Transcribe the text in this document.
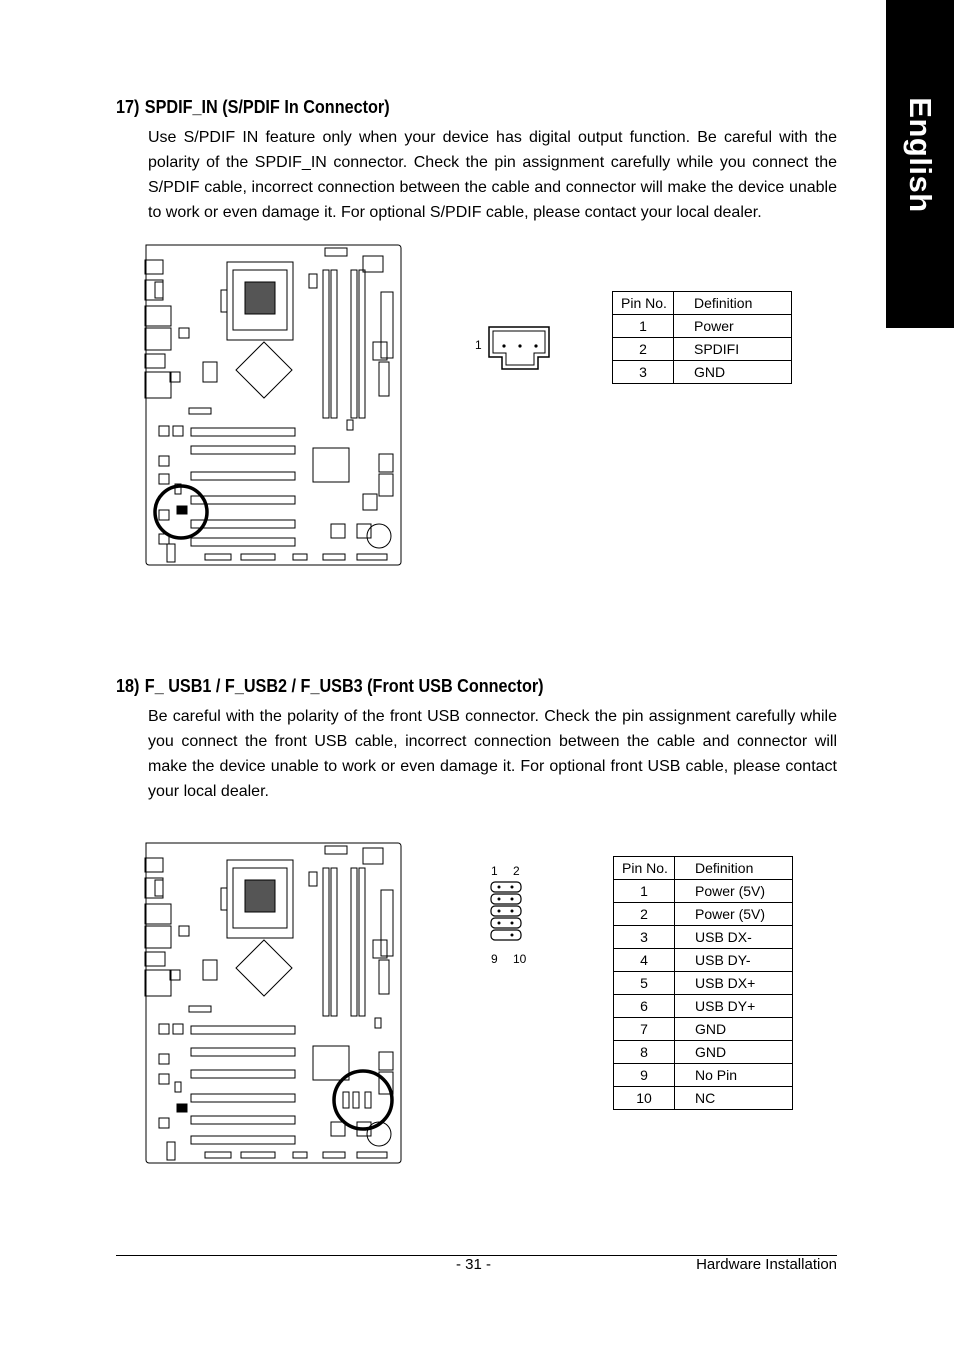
English
17) SPDIF_IN (S/PDIF In Connector)
Use S/PDIF IN feature only when your device has digital output function. Be careful with the polarity of the SPDIF_IN connector. Check the pin assignment carefully while you connect the S/PDIF cable, incorrect connection between the cable and connector will make the device unable to work or even damage it. For optional S/PDIF cable, please contact your local dealer.
1
Pin No.	Definition
1	Power
2	SPDIFI
3	GND
18) F_ USB1 / F_USB2 / F_USB3 (Front USB Connector)
Be careful with the polarity of the front USB connector. Check the pin assignment carefully while you connect the front USB cable, incorrect connection between the cable and connector will make the device unable to work or even damage it. For optional front USB cable, please contact your local dealer.
1 2
9 10
Pin No.	Definition
1	Power (5V)
2	Power (5V)
3	USB DX-
4	USB DY-
5	USB DX+
6	USB DY+
7	GND
8	GND
9	No Pin
10	NC
- 31 -	Hardware Installation
